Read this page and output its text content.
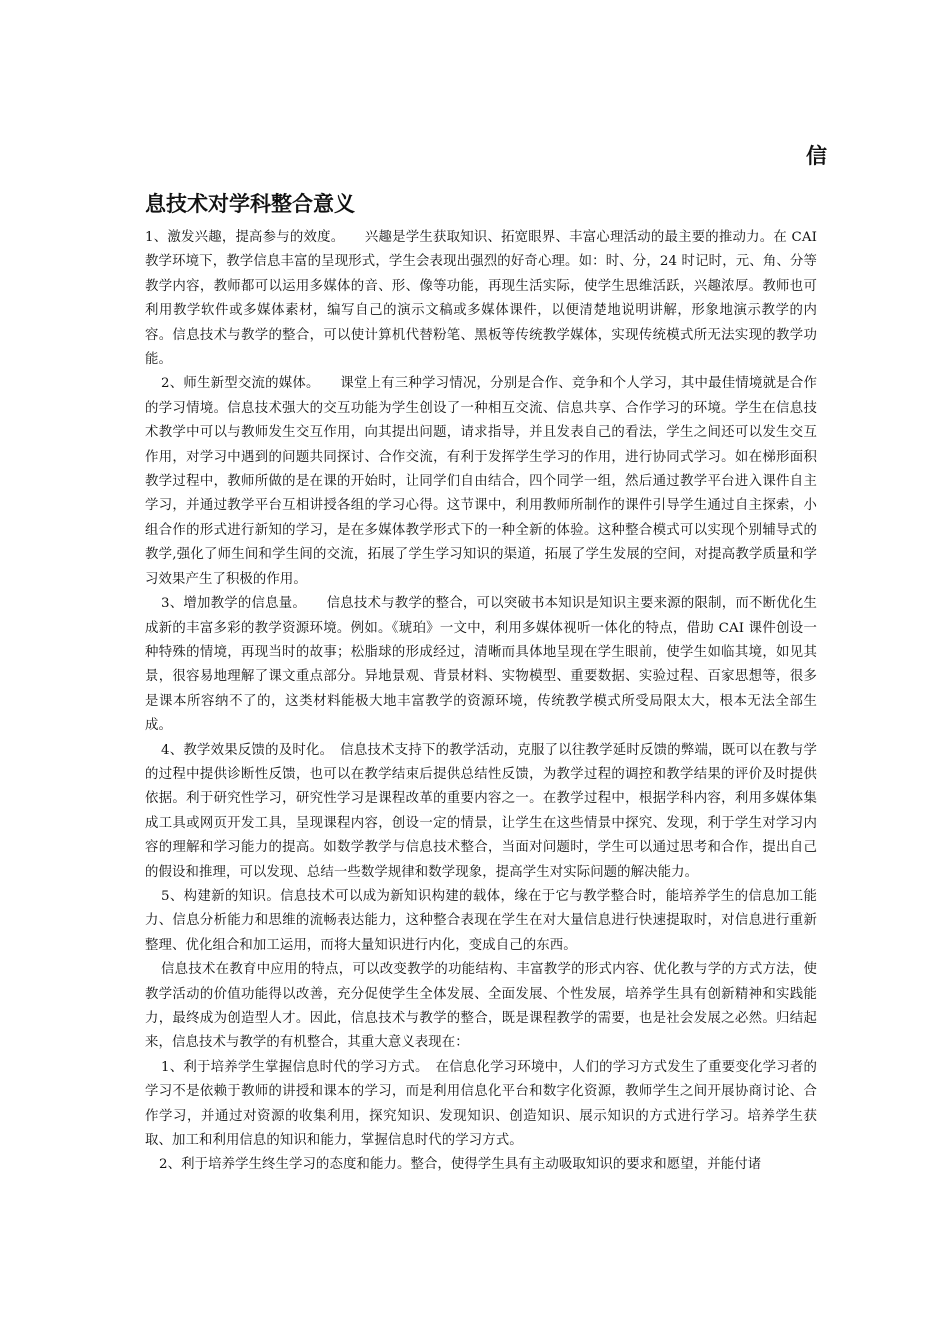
信
息技术对学科整合意义

1、激发兴趣，提高参与的效度。　　兴趣是学生获取知识、拓宽眼界、丰富心理活动的最主要的推动力。在 CAI 教学环境下，教学信息丰富的呈现形式，学生会表现出强烈的好奇心理。如：时、分，24 时记时，元、角、分等教学内容，教师都可以运用多媒体的音、形、像等功能，再现生活实际，使学生思维活跃，兴趣浓厚。教师也可利用教学软件或多媒体素材，编写自己的演示文稿或多媒体课件，以便清楚地说明讲解，形象地演示教学的内容。信息技术与教学的整合，可以使计算机代替粉笔、黑板等传统教学媒体，实现传统模式所无法实现的教学功能。

2、师生新型交流的媒体。　　课堂上有三种学习情况，分别是合作、竞争和个人学习，其中最佳情境就是合作的学习情境。信息技术强大的交互功能为学生创设了一种相互交流、信息共享、合作学习的环境。学生在信息技术教学中可以与教师发生交互作用，向其提出问题，请求指导，并且发表自己的看法，学生之间还可以发生交互作用，对学习中遇到的问题共同探讨、合作交流，有利于发挥学生学习的作用，进行协同式学习。如在梯形面积教学过程中，教师所做的是在课的开始时，让同学们自由结合，四个同学一组，然后通过教学平台进入课件自主学习，并通过教学平台互相讲授各组的学习心得。这节课中，利用教师所制作的课件引导学生通过自主探索，小组合作的形式进行新知的学习，是在多媒体教学形式下的一种全新的体验。这种整合模式可以实现个别辅导式的教学,强化了师生间和学生间的交流，拓展了学生学习知识的渠道，拓展了学生发展的空间，对提高教学质量和学习效果产生了积极的作用。

3、增加教学的信息量。　　信息技术与教学的整合，可以突破书本知识是知识主要来源的限制，而不断优化生成新的丰富多彩的教学资源环境。例如。《琥珀》一文中，利用多媒体视听一体化的特点，借助 CAI 课件创设一种特殊的情境，再现当时的故事；松脂球的形成经过，清晰而具体地呈现在学生眼前，使学生如临其境，如见其景，很容易地理解了课文重点部分。异地景观、背景材料、实物模型、重要数据、实验过程、百家思想等，很多是课本所容纳不了的，这类材料能极大地丰富教学的资源环境，传统教学模式所受局限太大，根本无法全部生成。

4、教学效果反馈的及时化。　信息技术支持下的教学活动，克服了以往教学延时反馈的弊端，既可以在教与学的过程中提供诊断性反馈，也可以在教学结束后提供总结性反馈，为教学过程的调控和教学结果的评价及时提供依据。利于研究性学习，研究性学习是课程改革的重要内容之一。在教学过程中，根据学科内容，利用多媒体集成工具或网页开发工具，呈现课程内容，创设一定的情景，让学生在这些情景中探究、发现，利于学生对学习内容的理解和学习能力的提高。如数学教学与信息技术整合，当面对问题时，学生可以通过思考和合作，提出自己的假设和推理，可以发现、总结一些数学规律和数学现象，提高学生对实际问题的解决能力。

5、构建新的知识。信息技术可以成为新知识构建的载体，缘在于它与教学整合时，能培养学生的信息加工能力、信息分析能力和思维的流畅表达能力，这种整合表现在学生在对大量信息进行快速提取时，对信息进行重新整理、优化组合和加工运用，而将大量知识进行内化，变成自己的东西。

信息技术在教育中应用的特点，可以改变教学的功能结构、丰富教学的形式内容、优化教与学的方式方法，使教学活动的价值功能得以改善，充分促使学生全体发展、全面发展、个性发展，培养学生具有创新精神和实践能力，最终成为创造型人才。因此，信息技术与教学的整合，既是课程教学的需要，也是社会发展之必然。归结起来，信息技术与教学的有机整合，其重大意义表现在：

1、利于培养学生掌握信息时代的学习方式。　在信息化学习环境中，人们的学习方式发生了重要变化学习者的学习不是依赖于教师的讲授和课本的学习，而是利用信息化平台和数字化资源，教师学生之间开展协商讨论、合作学习，并通过对资源的收集利用，探究知识、发现知识、创造知识、展示知识的方式进行学习。培养学生获取、加工和利用信息的知识和能力，掌握信息时代的学习方式。

2、利于培养学生终生学习的态度和能力。整合，使得学生具有主动吸取知识的要求和愿望，并能付诸
